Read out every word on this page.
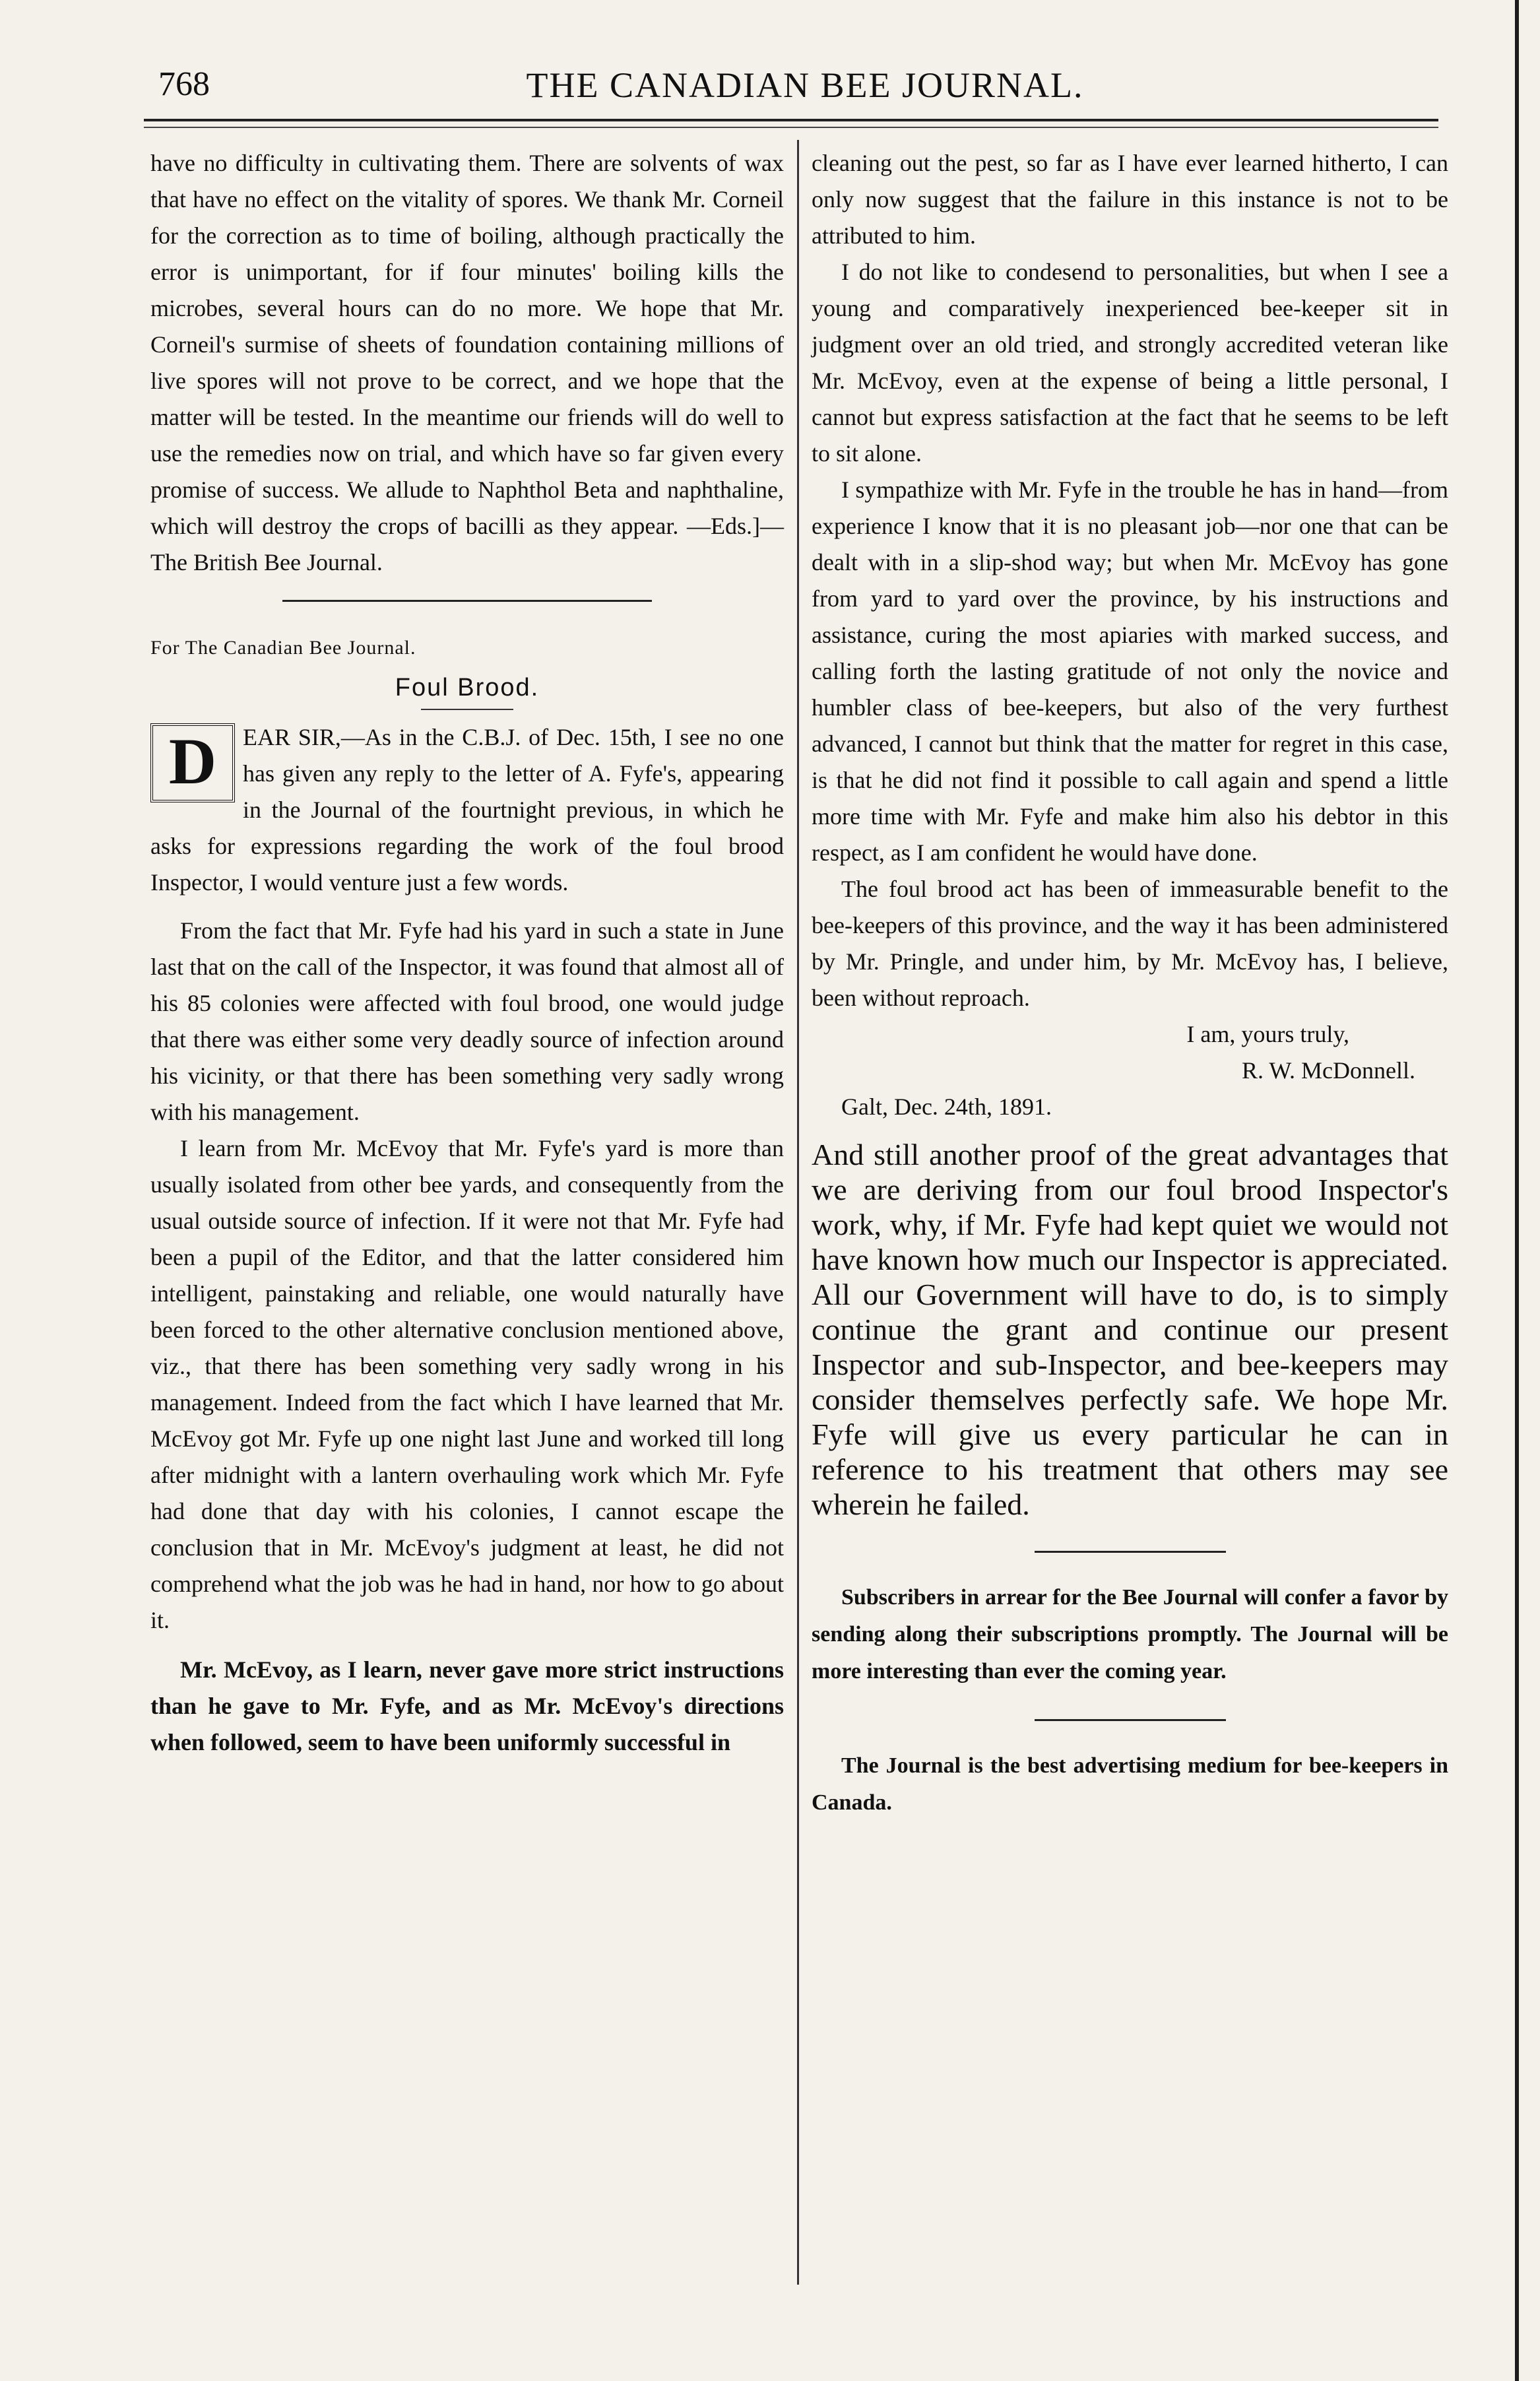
768	THE CANADIAN BEE JOURNAL.

have no difficulty in cultivating them. There are solvents of wax that have no effect on the vitality of spores. We thank Mr. Corneil for the correction as to time of boiling, although practically the error is unimportant, for if four minutes' boiling kills the microbes, several hours can do no more. We hope that Mr. Corneil's surmise of sheets of foundation containing millions of live spores will not prove to be correct, and we hope that the matter will be tested. In the meantime our friends will do well to use the remedies now on trial, and which have so far given every promise of success. We allude to Naphthol Beta and naphthaline, which will destroy the crops of bacilli as they appear. —Eds.]—The British Bee Journal.

For The Canadian Bee Journal.

Foul Brood.

D	EAR SIR,—As in the C.B.J. of Dec. 15th, I see no one has given any reply to the letter of A. Fyfe's, appearing in the Journal of the fourtnight previous, in which he asks for expressions regarding the work of the foul brood Inspector, I would venture just a few words.

From the fact that Mr. Fyfe had his yard in such a state in June last that on the call of the Inspector, it was found that almost all of his 85 colonies were affected with foul brood, one would judge that there was either some very deadly source of infection around his vicinity, or that there has been something very sadly wrong with his management.

I learn from Mr. McEvoy that Mr. Fyfe's yard is more than usually isolated from other bee yards, and consequently from the usual outside source of infection. If it were not that Mr. Fyfe had been a pupil of the Editor, and that the latter considered him intelligent, painstaking and reliable, one would naturally have been forced to the other alternative conclusion mentioned above, viz., that there has been something very sadly wrong in his management. Indeed from the fact which I have learned that Mr. McEvoy got Mr. Fyfe up one night last June and worked till long after midnight with a lantern overhauling work which Mr. Fyfe had done that day with his colonies, I cannot escape the conclusion that in Mr. McEvoy's judgment at least, he did not comprehend what the job was he had in hand, nor how to go about it.

Mr. McEvoy, as I learn, never gave more strict instructions than he gave to Mr. Fyfe, and as Mr. McEvoy's directions when followed, seem to have been uniformly successful in

cleaning out the pest, so far as I have ever learned hitherto, I can only now suggest that the failure in this instance is not to be attributed to him.

I do not like to condesend to personalities, but when I see a young and comparatively inexperienced bee-keeper sit in judgment over an old tried, and strongly accredited veteran like Mr. McEvoy, even at the expense of being a little personal, I cannot but express satisfaction at the fact that he seems to be left to sit alone.

I sympathize with Mr. Fyfe in the trouble he has in hand—from experience I know that it is no pleasant job—nor one that can be dealt with in a slip-shod way; but when Mr. McEvoy has gone from yard to yard over the province, by his instructions and assistance, curing the most apiaries with marked success, and calling forth the lasting gratitude of not only the novice and humbler class of bee-keepers, but also of the very furthest advanced, I cannot but think that the matter for regret in this case, is that he did not find it possible to call again and spend a little more time with Mr. Fyfe and make him also his debtor in this respect, as I am confident he would have done.

The foul brood act has been of immeasurable benefit to the bee-keepers of this province, and the way it has been administered by Mr. Pringle, and under him, by Mr. McEvoy has, I believe, been without reproach.

I am, yours truly,

R. W. McDonnell.

Galt, Dec. 24th, 1891.

And still another proof of the great advantages that we are deriving from our foul brood Inspector's work, why, if Mr. Fyfe had kept quiet we would not have known how much our Inspector is appreciated. All our Government will have to do, is to simply continue the grant and continue our present Inspector and sub-Inspector, and bee-keepers may consider themselves perfectly safe. We hope Mr. Fyfe will give us every particular he can in reference to his treatment that others may see wherein he failed.

Subscribers in arrear for the Bee Journal will confer a favor by sending along their subscriptions promptly. The Journal will be more interesting than ever the coming year.

The Journal is the best advertising medium for bee-keepers in Canada.
